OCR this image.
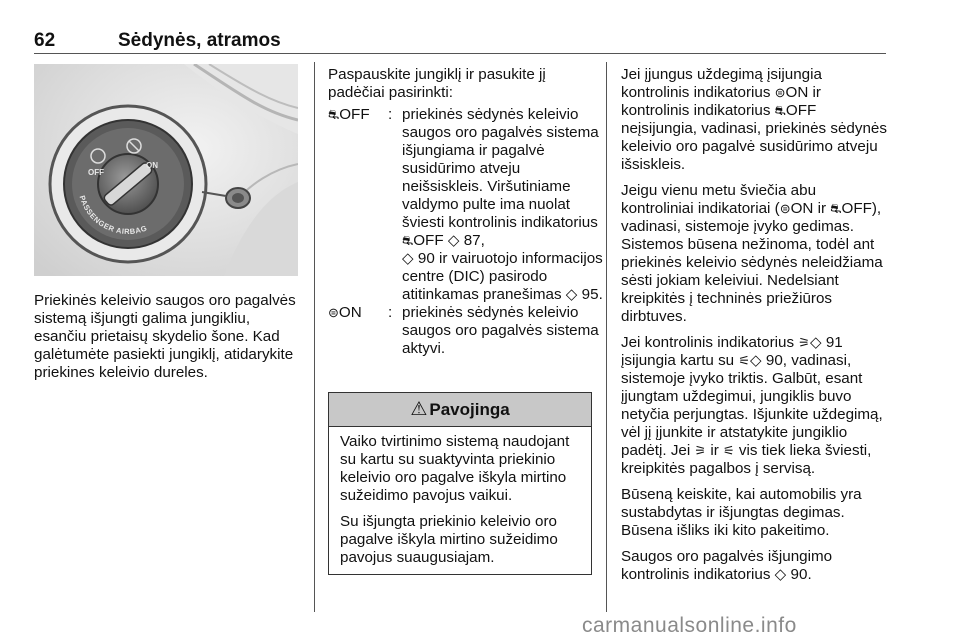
62	Sėdynės, atramos
OFF
ON
PASSENGER AIRBAG

Priekinės keleivio saugos oro pagalvės sistemą išjungti galima jungikliu, esančiu prietaisų skydelio šone. Kad galėtumėte pasiekti jungiklį, atidarykite priekines keleivio dureles.

Paspauskite jungiklį ir pasukite jį padėčiai pasirinkti:

⛐OFF	: priekinės sėdynės keleivio saugos oro pagalvės sistema išjungiama ir pagalvė susidūrimo atveju neišsiskleis. Viršutiniame valdymo pulte ima nuolat šviesti kontrolinis indikatorius ⛐OFF ◇ 87,
◇ 90 ir vairuotojo informacijos centre (DIC) pasirodo atitinkamas pranešimas ◇ 95.
⊜ON	: priekinės sėdynės keleivio saugos oro pagalvės sistema aktyvi.
⚠ Pavojinga

Vaiko tvirtinimo sistemą naudojant su kartu su suaktyvinta priekinio keleivio oro pagalve iškyla mirtino sužeidimo pavojus vaikui.

Su išjungta priekinio keleivio oro pagalve iškyla mirtino sužeidimo pavojus suaugusiajam.

Jei įjungus uždegimą įsijungia kontrolinis indikatorius ⊜ON ir kontrolinis indikatorius ⛐OFF neįsijungia, vadinasi, priekinės sėdynės keleivio oro pagalvė susidūrimo atveju išsiskleis.

Jeigu vienu metu šviečia abu kontroliniai indikatoriai (⊜ON ir ⛐OFF), vadinasi, sistemoje įvyko gedimas. Sistemos būsena nežinoma, todėl ant priekinės keleivio sėdynės neleidžiama sėsti jokiam keleiviui. Nedelsiant kreipkitės į techninės priežiūros dirbtuves.

Jei kontrolinis indikatorius ⚞◇ 91 įsijungia kartu su ⚟◇ 90, vadinasi, sistemoje įvyko triktis. Galbūt, esant įjungtam uždegimui, jungiklis buvo netyčia perjungtas. Išjunkite uždegimą, vėl jį įjunkite ir atstatykite jungiklio padėtį. Jei ⚞ ir ⚟ vis tiek lieka šviesti, kreipkitės pagalbos į servisą.

Būseną keiskite, kai automobilis yra sustabdytas ir išjungtas degimas. Būsena išliks iki kito pakeitimo.

Saugos oro pagalvės išjungimo kontrolinis indikatorius ◇ 90.

carmanualsonline.info
